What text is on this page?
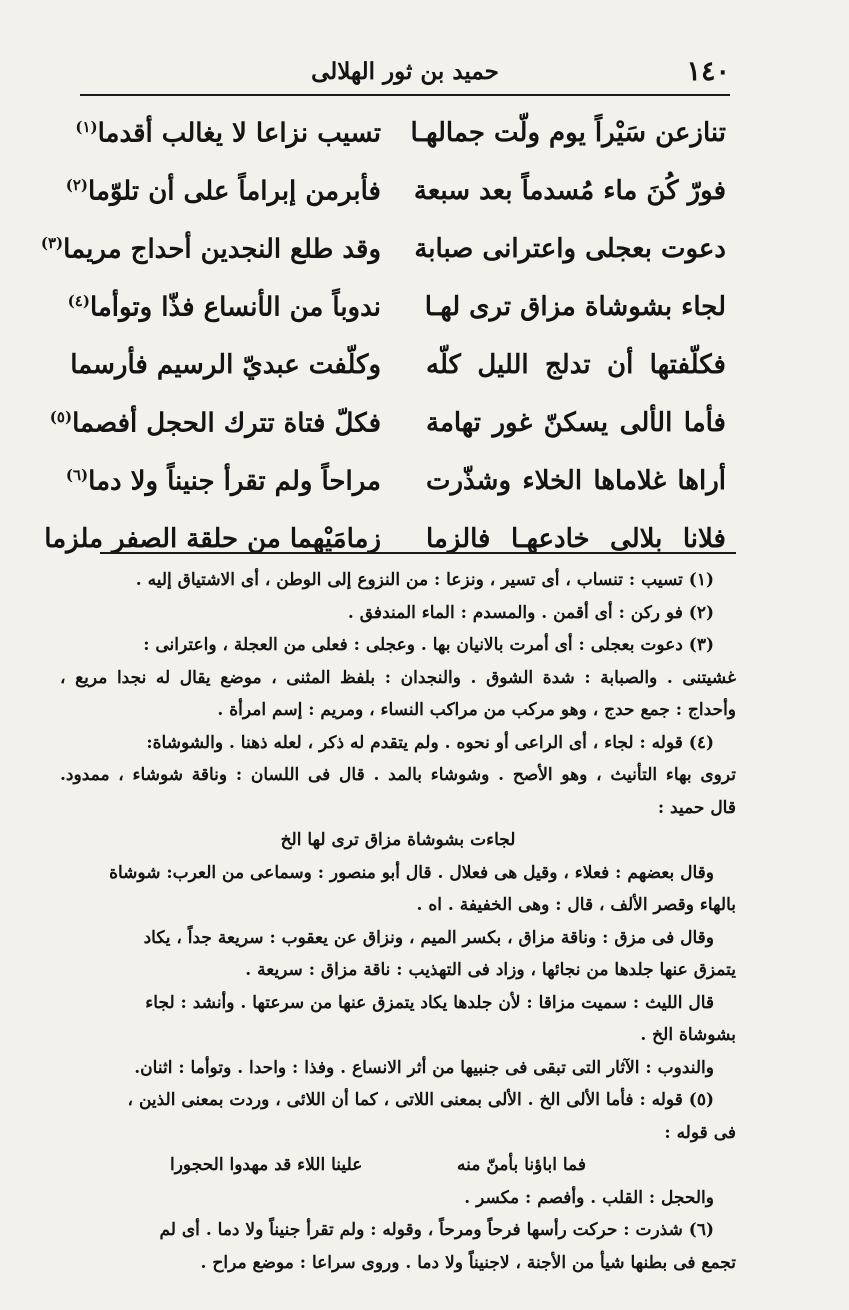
١٤٠
حميد بن ثور الهلالى
تنازعن سَيْراً يوم ولّت جمالهـا
تسيب نزاعا لا يغالب أقدما$^{(١)}$
فورّ كُنَ ماء مُسدماً بعد سبعة
فأبرمن إبراماً على أن تلوّما$^{(٢)}$
دعوت بعجلى واعترانى صبابة
وقد طلع النجدين أحداج مريما$^{(٣)}$
لجاء بشوشاة مزاق ترى لهـا
ندوباً من الأنساع فذّا وتوأما$^{(٤)}$
فكلّفتها أن تدلج الليل كلّه
وكلّفت عبديّ الرسيم فأرسما
فأما الألى يسكنّ غور تهامة
فكلّ فتاة تترك الحجل أفصما$^{(٥)}$
أراها غلاماها الخلاء وشذّرت
مراحاً ولم تقرأ جنيناً ولا دما$^{(٦)}$
فلانا بلالى خادعهـا فالزما
زمامَيْهما من حلقة الصفر ملزما
(١) تسيب : تنساب ، أى تسير ، ونزعا : من النزوع إلى الوطن ، أى الاشتياق إليه .
(٢) فو ركن : أى أقمن . والمسدم : الماء المندفق .
(٣) دعوت بعجلى : أى أمرت بالانيان بها . وعجلى : فعلى من العجلة ، واعترانى :
غشيتنى . والصبابة : شدة الشوق . والنجدان : بلفظ المثنى ، موضع يقال له نجدا مريع ،
وأحداج : جمع حدج ، وهو مركب من مراكب النساء ، ومريم : إسم امرأة .
(٤) قوله : لجاء ، أى الراعى أو نحوه . ولم يتقدم له ذكر ، لعله ذهنا . والشوشاة:
تروى بهاء التأنيث ، وهو الأصح . وشوشاء بالمد . قال فى اللسان : وناقة شوشاء ، ممدود.
قال حميد :
لجاءت بشوشاة مزاق ترى لها الخ
وقال بعضهم : فعلاء ، وقيل هى فعلال . قال أبو منصور : وسماعى من العرب: شوشاة
بالهاء وقصر الألف ، قال : وهى الخفيفة . اه .
وقال فى مزق : وناقة مزاق ، بكسر الميم ، ونزاق عن يعقوب : سريعة جداً ، يكاد
يتمزق عنها جلدها من نجائها ، وزاد فى التهذيب : ناقة مزاق : سريعة .
قال الليث : سميت مزاقا : لأن جلدها يكاد يتمزق عنها من سرعتها . وأنشد : لجاء
بشوشاة الخ .
والندوب : الآثار التى تبقى فى جنبيها من أثر الانساع . وفذا : واحدا . وتوأما : اثنان.
(٥) قوله : فأما الألى الخ . الألى بمعنى اللاتى ، كما أن اللائى ، وردت بمعنى الذين ،
فى قوله :
فما اباؤنا بأمنّ منه
علينا اللاء قد مهدوا الحجورا
والحجل : القلب . وأفصم : مكسر .
(٦) شذرت : حركت رأسها فرحاً ومرحاً ، وقوله : ولم تقرأ جنيناً ولا دما . أى لم
تجمع فى بطنها شيأ من الأجنة ، لاجنيناً ولا دما . وروى سراعا : موضع مراح .
